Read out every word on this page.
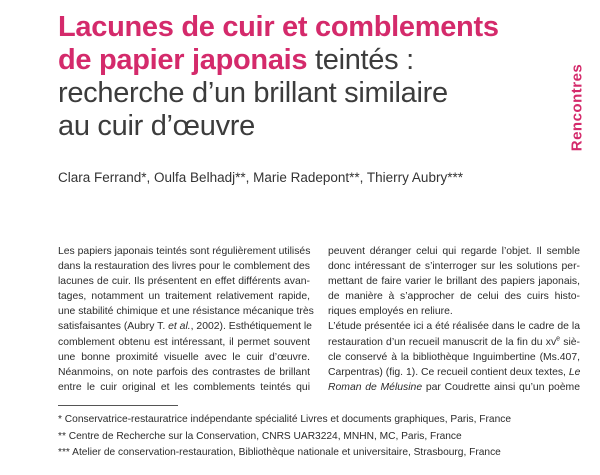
Lacunes de cuir et comblements
de papier japonais teintés :
recherche d’un brillant similaire
au cuir d’œuvre	Rencontres

Clara Ferrand*, Oulfa Belhadj**, Marie Radepont**, Thierry Aubry***

Les papiers japonais teintés sont régulièrement utilisés
dans la restauration des livres pour le comblement des
lacunes de cuir. Ils présentent en effet différents avan-
tages, notamment un traitement relativement rapide,
une stabilité chimique et une résistance mécanique très
satisfaisantes (Aubry T. et al., 2002). Esthétiquement le
comblement obtenu est intéressant, il permet souvent
une bonne proximité visuelle avec le cuir d’œuvre.
Néanmoins, on note parfois des contrastes de brillant
entre le cuir original et les comblements teintés qui
peuvent déranger celui qui regarde l’objet. Il semble
donc intéressant de s’interroger sur les solutions per-
mettant de faire varier le brillant des papiers japonais,
de manière à s’approcher de celui des cuirs histo-
riques employés en reliure.
L’étude présentée ici a été réalisée dans le cadre de la
restauration d’un recueil manuscrit de la fin du $xv^e$ siè-
cle conservé à la bibliothèque Inguimbertine (Ms.407,
Carpentras) (fig. 1). Ce recueil contient deux textes, Le
Roman de Mélusine par Coudrette ainsi qu’un poème
* Conservatrice-restauratrice indépendante spécialité Livres et documents graphiques, Paris, France
** Centre de Recherche sur la Conservation, CNRS UAR3224, MNHN, MC, Paris, France
*** Atelier de conservation-restauration, Bibliothèque nationale et universitaire, Strasbourg, France
